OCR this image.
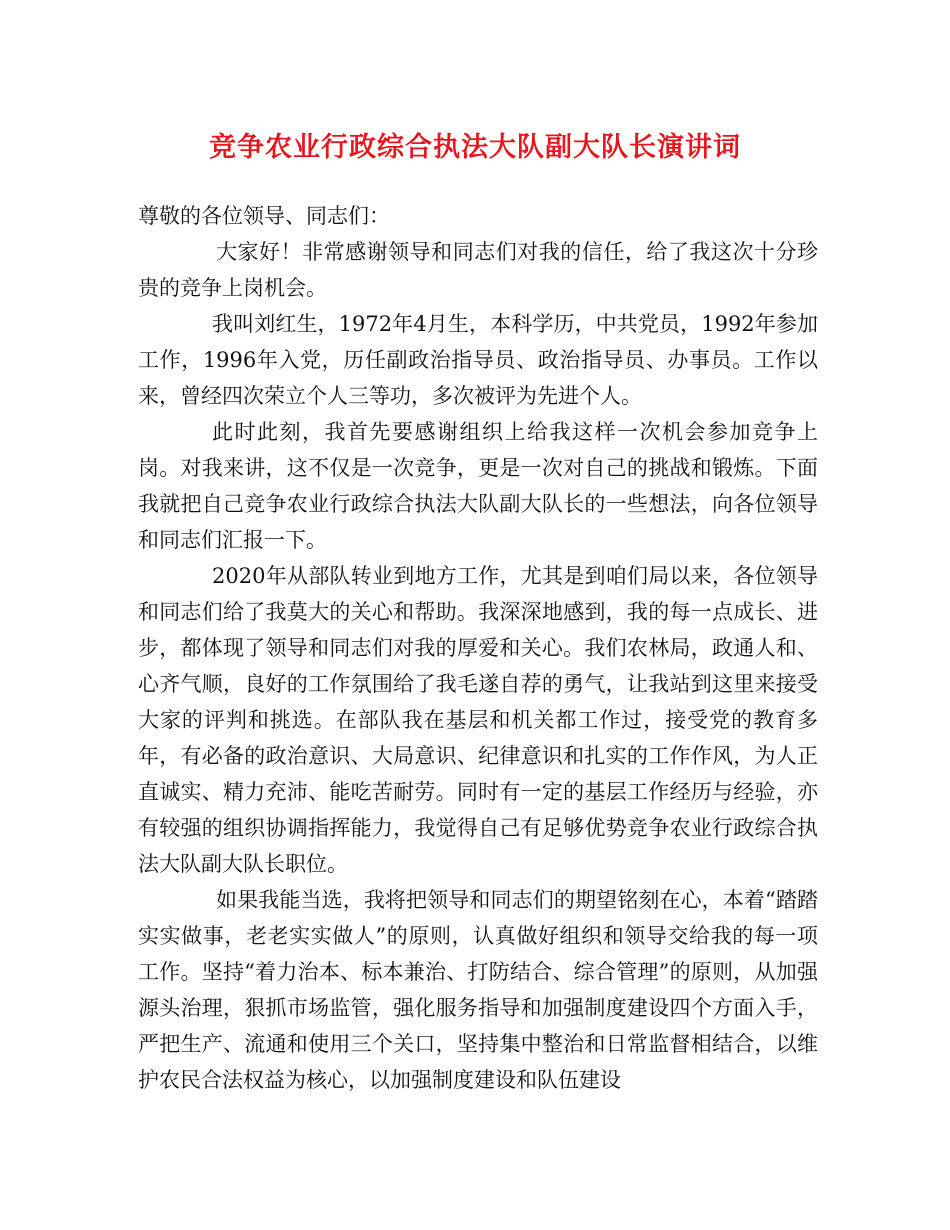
竞争农业行政综合执法大队副大队长演讲词

尊敬的各位领导、同志们：

大家好！非常感谢领导和同志们对我的信任，给了我这次十分珍贵的竞争上岗机会。

我叫刘红生，1972年4月生，本科学历，中共党员，1992年参加工作，1996年入党，历任副政治指导员、政治指导员、办事员。工作以来，曾经四次荣立个人三等功，多次被评为先进个人。

此时此刻，我首先要感谢组织上给我这样一次机会参加竞争上岗。对我来讲，这不仅是一次竞争，更是一次对自己的挑战和锻炼。下面我就把自己竞争农业行政综合执法大队副大队长的一些想法，向各位领导和同志们汇报一下。

2020年从部队转业到地方工作，尤其是到咱们局以来，各位领导和同志们给了我莫大的关心和帮助。我深深地感到，我的每一点成长、进步，都体现了领导和同志们对我的厚爱和关心。我们农林局，政通人和、心齐气顺，良好的工作氛围给了我毛遂自荐的勇气，让我站到这里来接受大家的评判和挑选。在部队我在基层和机关都工作过，接受党的教育多年，有必备的政治意识、大局意识、纪律意识和扎实的工作作风，为人正直诚实、精力充沛、能吃苦耐劳。同时有一定的基层工作经历与经验，亦有较强的组织协调指挥能力，我觉得自己有足够优势竞争农业行政综合执法大队副大队长职位。

如果我能当选，我将把领导和同志们的期望铭刻在心，本着“踏踏实实做事，老老实实做人”的原则，认真做好组织和领导交给我的每一项工作。坚持“着力治本、标本兼治、打防结合、综合管理”的原则，从加强源头治理，狠抓市场监管，强化服务指导和加强制度建设四个方面入手，严把生产、流通和使用三个关口，坚持集中整治和日常监督相结合，以维护农民合法权益为核心，以加强制度建设和队伍建设
